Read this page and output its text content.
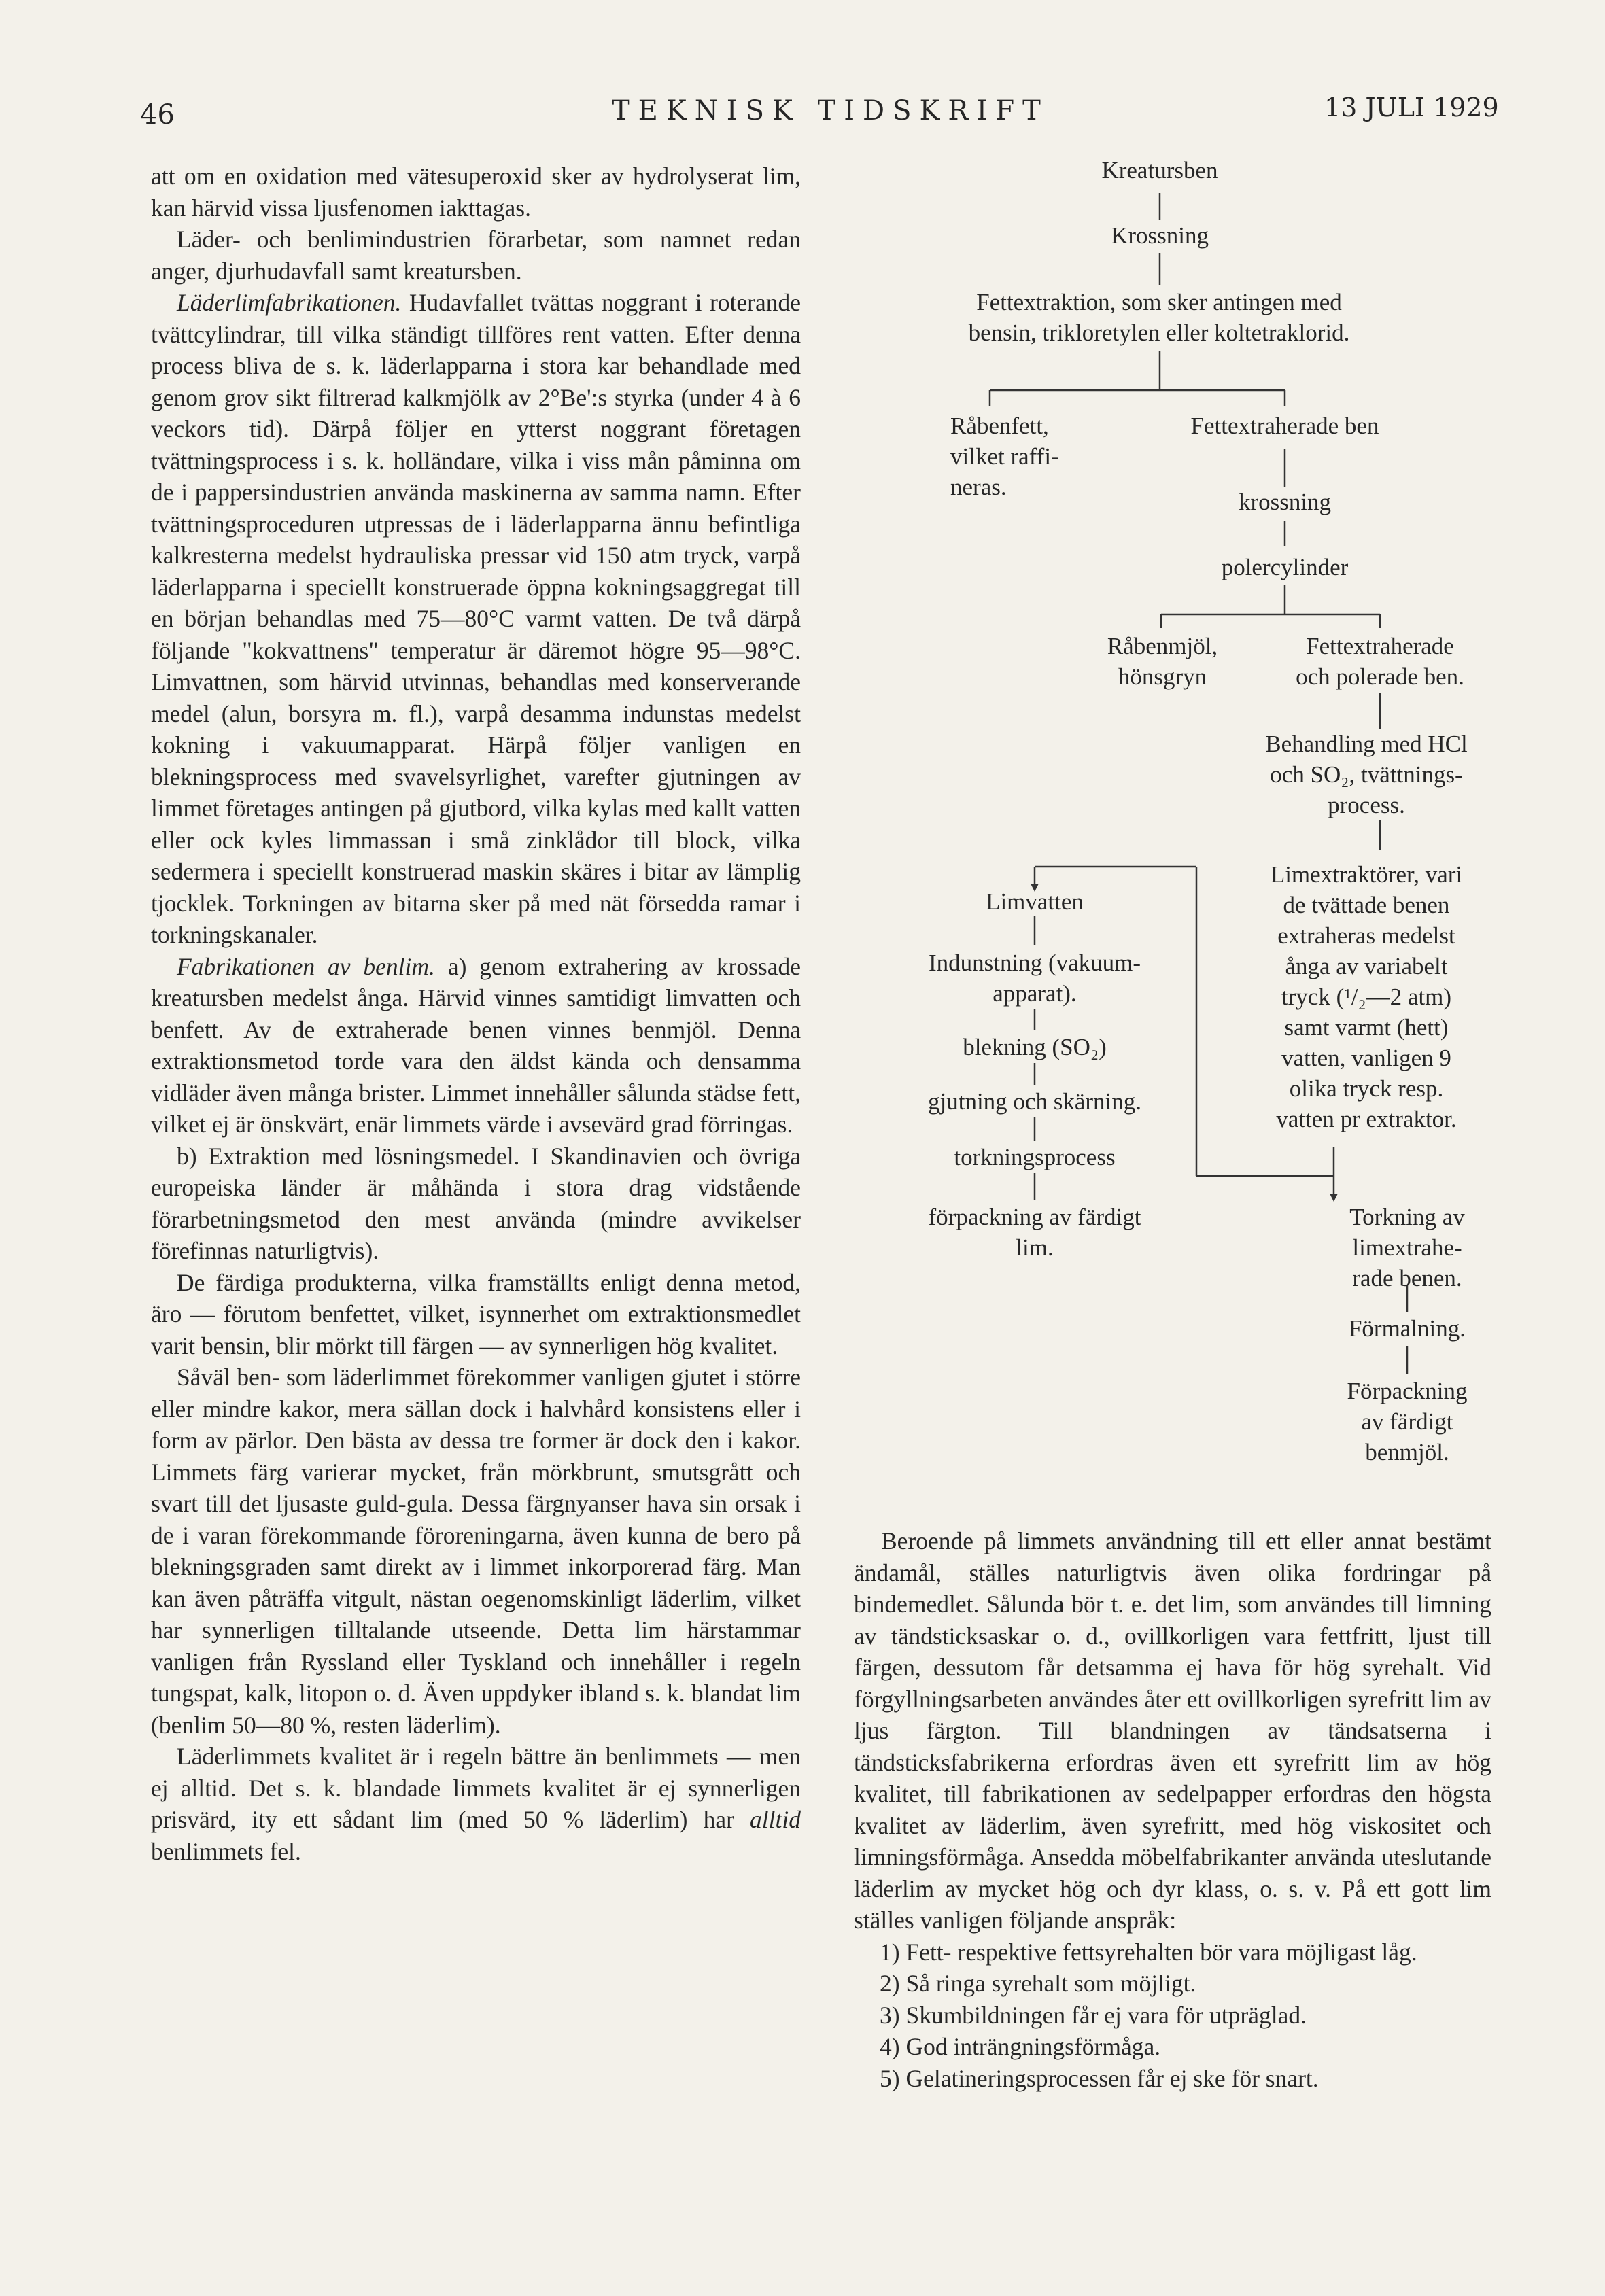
46	TEKNISK TIDSKRIFT	13 JULI 1929

att om en oxidation med vätesuperoxid sker av hydrolyserat lim, kan härvid vissa ljusfenomen iakttagas.

Läder- och benlimindustrien förarbetar, som namnet redan anger, djurhudavfall samt kreatursben.

Läderlimfabrikationen. Hudavfallet tvättas noggrant i roterande tvättcylindrar, till vilka ständigt tillföres rent vatten. Efter denna process bliva de s. k. läderlapparna i stora kar behandlade med genom grov sikt filtrerad kalkmjölk av 2°Be':s styrka (under 4 à 6 veckors tid). Därpå följer en ytterst noggrant företagen tvättningsprocess i s. k. holländare, vilka i viss mån påminna om de i pappersindustrien använda maskinerna av samma namn. Efter tvättningsproceduren utpressas de i läderlapparna ännu befintliga kalkresterna medelst hydrauliska pressar vid 150 atm tryck, varpå läderlapparna i speciellt konstruerade öppna kokningsaggregat till en början behandlas med 75—80°C varmt vatten. De två därpå följande "kokvattnens" temperatur är däremot högre 95—98°C. Limvattnen, som härvid utvinnas, behandlas med konserverande medel (alun, borsyra m. fl.), varpå desamma indunstas medelst kokning i vakuumapparat. Härpå följer vanligen en blekningsprocess med svavelsyrlighet, varefter gjutningen av limmet företages antingen på gjutbord, vilka kylas med kallt vatten eller ock kyles limmassan i små zinklådor till block, vilka sedermera i speciellt konstruerad maskin skäres i bitar av lämplig tjocklek. Torkningen av bitarna sker på med nät försedda ramar i torkningskanaler.

Fabrikationen av benlim. a) genom extrahering av krossade kreatursben medelst ånga. Härvid vinnes samtidigt limvatten och benfett. Av de extraherade benen vinnes benmjöl. Denna extraktionsmetod torde vara den äldst kända och densamma vidläder även många brister. Limmet innehåller sålunda städse fett, vilket ej är önskvärt, enär limmets värde i avsevärd grad förringas.

b) Extraktion med lösningsmedel. I Skandinavien och övriga europeiska länder är måhända i stora drag vidstående förarbetningsmetod den mest använda (mindre avvikelser förefinnas naturligtvis).

De färdiga produkterna, vilka framställts enligt denna metod, äro — förutom benfettet, vilket, isynnerhet om extraktionsmedlet varit bensin, blir mörkt till färgen — av synnerligen hög kvalitet.

Såväl ben- som läderlimmet förekommer vanligen gjutet i större eller mindre kakor, mera sällan dock i halvhård konsistens eller i form av pärlor. Den bästa av dessa tre former är dock den i kakor. Limmets färg varierar mycket, från mörkbrunt, smutsgrått och svart till det ljusaste guld-gula. Dessa färgnyanser hava sin orsak i de i varan förekommande föroreningarna, även kunna de bero på blekningsgraden samt direkt av i limmet inkorporerad färg. Man kan även påträffa vitgult, nästan oegenomskinligt läderlim, vilket har synnerligen tilltalande utseende. Detta lim härstammar vanligen från Ryssland eller Tyskland och innehåller i regeln tungspat, kalk, litopon o. d. Även uppdyker ibland s. k. blandat lim (benlim 50—80 %, resten läderlim).

Läderlimmets kvalitet är i regeln bättre än benlimmets — men ej alltid. Det s. k. blandade limmets kvalitet är ej synnerligen prisvärd, ity ett sådant lim (med 50 % läderlim) har alltid benlimmets fel.

Kreatursben
Krossning
Fettextraktion, som sker antingen med
bensin, trikloretylen eller koltetraklorid.
Råbenfett,
vilket raffi-
neras.
Fettextraherade ben
krossning
polercylinder
Råbenmjöl,
hönsgryn
Fettextraherade
och polerade ben.
Behandling med HCl
och SO₂, tvättnings-
process.
Limvatten
Indunstning (vakuum-
apparat).
blekning (SO₂)
gjutning och skärning.
torkningsprocess
förpackning av färdigt
lim.
Limextraktörer, vari
de tvättade benen
extraheras medelst
ånga av variabelt
tryck (¹/₂—2 atm)
samt varmt (hett)
vatten, vanligen 9
olika tryck resp.
vatten pr extraktor.
Torkning av
limextrahe-
rade benen.
Förmalning.
Förpackning
av färdigt
benmjöl.

Beroende på limmets användning till ett eller annat bestämt ändamål, ställes naturligtvis även olika fordringar på bindemedlet. Sålunda bör t. e. det lim, som användes till limning av tändsticksaskar o. d., ovillkorligen vara fettfritt, ljust till färgen, dessutom får detsamma ej hava för hög syrehalt. Vid förgyllningsarbeten användes åter ett ovillkorligen syrefritt lim av ljus färgton. Till blandningen av tändsatserna i tändsticksfabrikerna erfordras även ett syrefritt lim av hög kvalitet, till fabrikationen av sedelpapper erfordras den högsta kvalitet av läderlim, även syrefritt, med hög viskositet och limningsförmåga. Ansedda möbelfabrikanter använda uteslutande läderlim av mycket hög och dyr klass, o. s. v. På ett gott lim ställes vanligen följande anspråk:

1) Fett- respektive fettsyrehalten bör vara möjligast låg.
2) Så ringa syrehalt som möjligt.
3) Skumbildningen får ej vara för utpräglad.
4) God inträngningsförmåga.
5) Gelatineringsprocessen får ej ske för snart.
